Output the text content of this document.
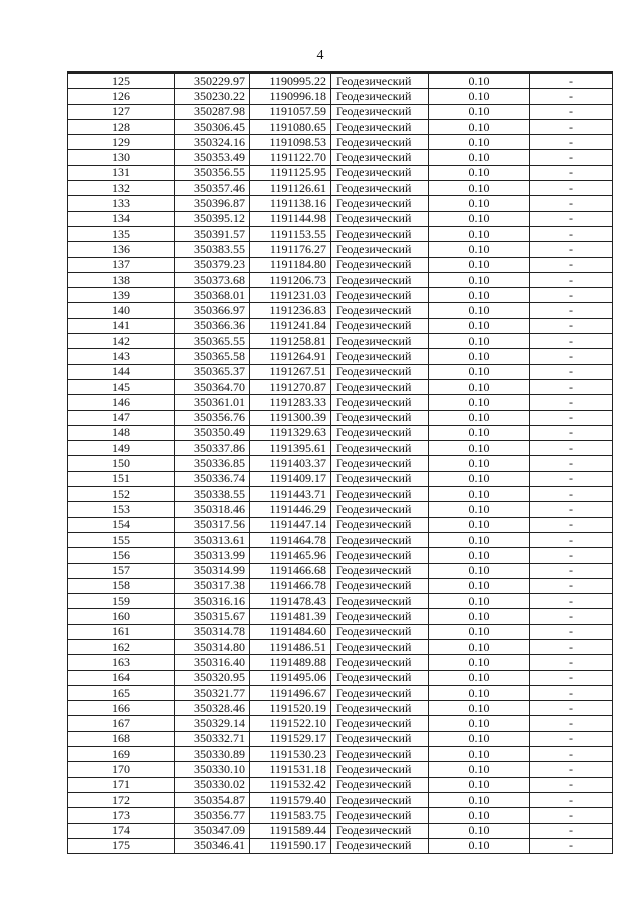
4
125	350229.97	1190995.22	Геодезический	0.10	-
126	350230.22	1190996.18	Геодезический	0.10	-
127	350287.98	1191057.59	Геодезический	0.10	-
128	350306.45	1191080.65	Геодезический	0.10	-
129	350324.16	1191098.53	Геодезический	0.10	-
130	350353.49	1191122.70	Геодезический	0.10	-
131	350356.55	1191125.95	Геодезический	0.10	-
132	350357.46	1191126.61	Геодезический	0.10	-
133	350396.87	1191138.16	Геодезический	0.10	-
134	350395.12	1191144.98	Геодезический	0.10	-
135	350391.57	1191153.55	Геодезический	0.10	-
136	350383.55	1191176.27	Геодезический	0.10	-
137	350379.23	1191184.80	Геодезический	0.10	-
138	350373.68	1191206.73	Геодезический	0.10	-
139	350368.01	1191231.03	Геодезический	0.10	-
140	350366.97	1191236.83	Геодезический	0.10	-
141	350366.36	1191241.84	Геодезический	0.10	-
142	350365.55	1191258.81	Геодезический	0.10	-
143	350365.58	1191264.91	Геодезический	0.10	-
144	350365.37	1191267.51	Геодезический	0.10	-
145	350364.70	1191270.87	Геодезический	0.10	-
146	350361.01	1191283.33	Геодезический	0.10	-
147	350356.76	1191300.39	Геодезический	0.10	-
148	350350.49	1191329.63	Геодезический	0.10	-
149	350337.86	1191395.61	Геодезический	0.10	-
150	350336.85	1191403.37	Геодезический	0.10	-
151	350336.74	1191409.17	Геодезический	0.10	-
152	350338.55	1191443.71	Геодезический	0.10	-
153	350318.46	1191446.29	Геодезический	0.10	-
154	350317.56	1191447.14	Геодезический	0.10	-
155	350313.61	1191464.78	Геодезический	0.10	-
156	350313.99	1191465.96	Геодезический	0.10	-
157	350314.99	1191466.68	Геодезический	0.10	-
158	350317.38	1191466.78	Геодезический	0.10	-
159	350316.16	1191478.43	Геодезический	0.10	-
160	350315.67	1191481.39	Геодезический	0.10	-
161	350314.78	1191484.60	Геодезический	0.10	-
162	350314.80	1191486.51	Геодезический	0.10	-
163	350316.40	1191489.88	Геодезический	0.10	-
164	350320.95	1191495.06	Геодезический	0.10	-
165	350321.77	1191496.67	Геодезический	0.10	-
166	350328.46	1191520.19	Геодезический	0.10	-
167	350329.14	1191522.10	Геодезический	0.10	-
168	350332.71	1191529.17	Геодезический	0.10	-
169	350330.89	1191530.23	Геодезический	0.10	-
170	350330.10	1191531.18	Геодезический	0.10	-
171	350330.02	1191532.42	Геодезический	0.10	-
172	350354.87	1191579.40	Геодезический	0.10	-
173	350356.77	1191583.75	Геодезический	0.10	-
174	350347.09	1191589.44	Геодезический	0.10	-
175	350346.41	1191590.17	Геодезический	0.10	-
